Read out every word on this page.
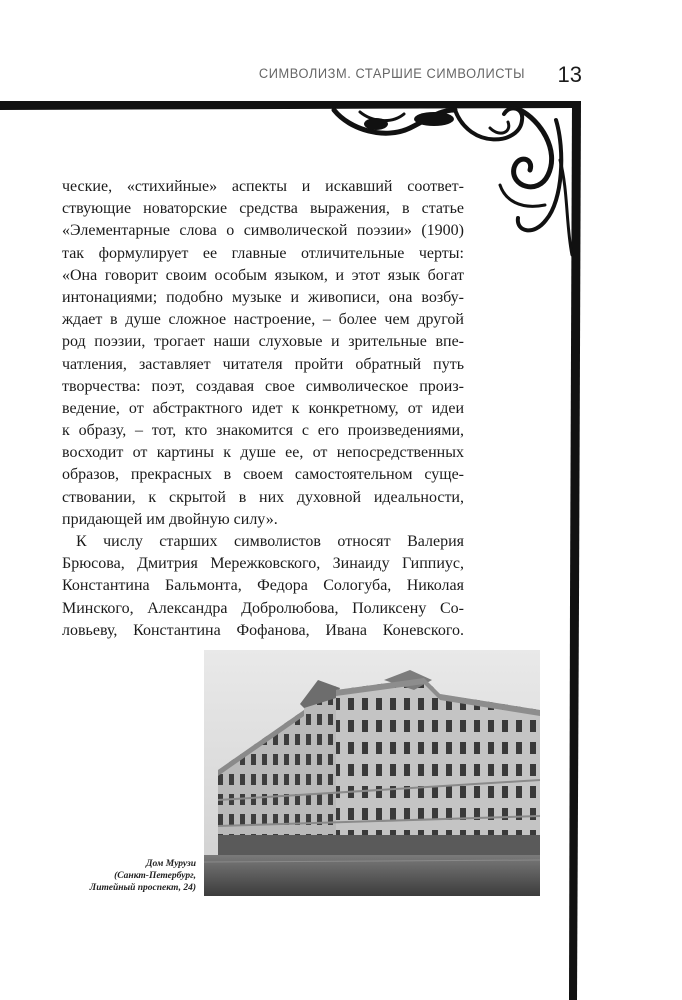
СИМВОЛИЗМ. СТАРШИЕ СИМВОЛИСТЫ	13
ческие, «стихийные» аспекты и искавший соответ-
ствующие новаторские средства выражения, в статье
«Элементарные слова о символической поэзии» (1900)
так формулирует ее главные отличительные черты:
«Она говорит своим особым языком, и этот язык богат
интонациями; подобно музыке и живописи, она возбу-
ждает в душе сложное настроение, – более чем другой
род поэзии, трогает наши слуховые и зрительные впе-
чатления, заставляет читателя пройти обратный путь
творчества: поэт, создавая свое символическое произ-
ведение, от абстрактного идет к конкретному, от идеи
к образу, – тот, кто знакомится с его произведениями,
восходит от картины к душе ее, от непосредственных
образов, прекрасных в своем самостоятельном суще-
ствовании, к скрытой в них духовной идеальности,
придающей им двойную силу».
К числу старших символистов относят Валерия
Брюсова, Дмитрия Мережковского, Зинаиду Гиппиус,
Константина Бальмонта, Федора Сологуба, Николая
Минского, Александра Добролюбова, Поликсену Со-
ловьеву, Константина Фофанова, Ивана Коневского.
Дом Мурузи
(Санкт-Петербург,
Литейный проспект, 24)
